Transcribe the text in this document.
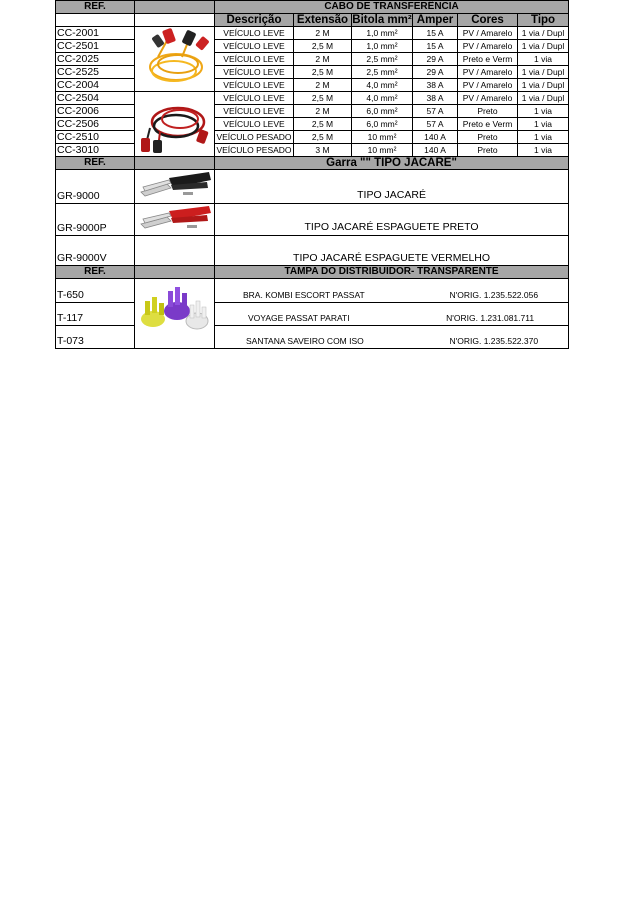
REF.		CABO DE TRANSFERÊNCIA					
		Descrição	Extensão	Bitola mm²	Amper	Cores	Tipo
CC-2001		VEÍCULO LEVE	2 M	1,0 mm²	15 A	PV / Amarelo	1 via / Dupl
CC-2501		VEÍCULO LEVE	2,5 M	1,0 mm²	15 A	PV / Amarelo	1 via / Dupl
CC-2025		VEÍCULO LEVE	2 M	2,5 mm²	29 A	Preto e Verm	1 via
CC-2525		VEÍCULO LEVE	2,5 M	2,5 mm²	29 A	PV / Amarelo	1 via / Dupl
CC-2004		VEÍCULO LEVE	2 M	4,0 mm²	38 A	PV / Amarelo	1 via / Dupl
CC-2504		VEÍCULO LEVE	2,5 M	4,0 mm²	38 A	PV / Amarelo	1 via / Dupl
CC-2006		VEÍCULO LEVE	2 M	6,0 mm²	57 A	Preto	1 via
CC-2506		VEÍCULO LEVE	2,5 M	6,0 mm²	57 A	Preto e Verm	1 via
CC-2510		VEÍCULO PESADO	2,5 M	10 mm²	140 A	Preto	1 via
CC-3010		VEÍCULO PESADO	3 M	10 mm²	140 A	Preto	1 via
REF.		Garra "" TIPO JACARÉ"					
GR-9000		TIPO JACARÉ					
GR-9000P		TIPO JACARÉ ESPAGUETE PRETO					
GR-9000V		TIPO JACARÉ ESPAGUETE VERMELHO					
REF.		TAMPA DO DISTRIBUIDOR- TRANSPARENTE					
T-650		BRA. KOMBI ESCORT PASSAT N'ORIG. 1.235.522.056					

T-117		VOYAGE PASSAT PARATI N'ORIG. 1.231.081.711					

T-073		SANTANA SAVEIRO COM ISO N'ORIG. 1.235.522.370					
